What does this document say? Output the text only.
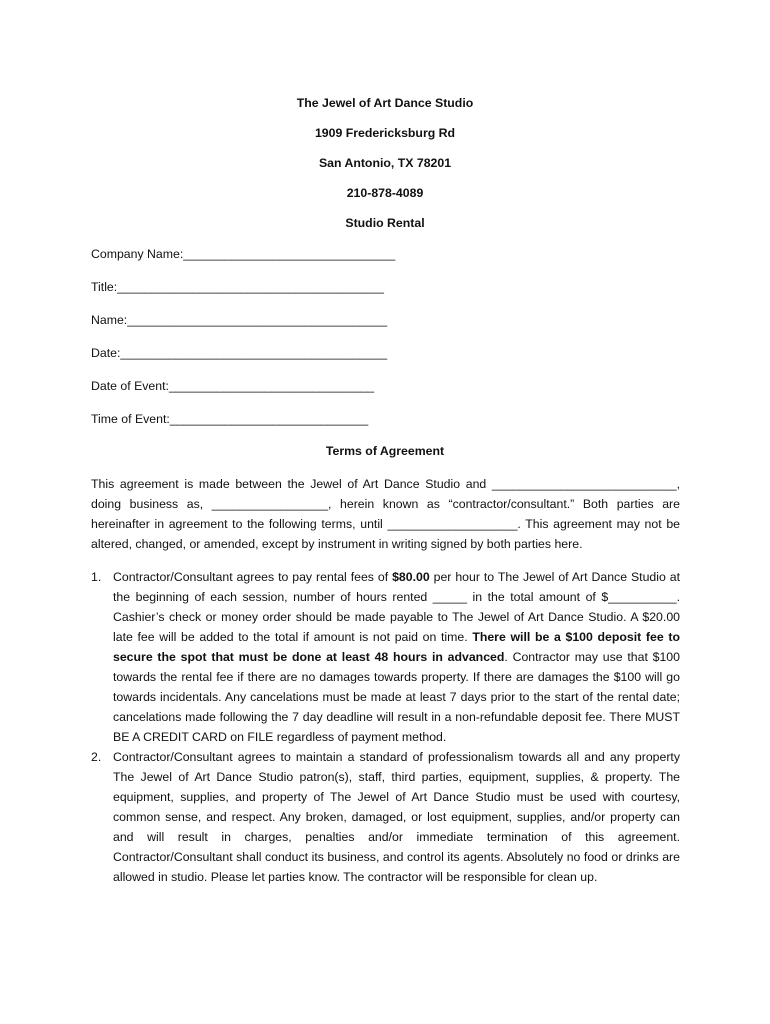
The Jewel of Art Dance Studio
1909 Fredericksburg Rd
San Antonio, TX 78201
210-878-4089
Studio Rental
Company Name:_______________________________
Title:_______________________________________
Name:______________________________________
Date:_______________________________________
Date of Event:______________________________
Time of Event:_____________________________
Terms of Agreement

This agreement is made between the Jewel of Art Dance Studio and ___________________________, doing business as, _________________, herein known as “contractor/consultant.” Both parties are hereinafter in agreement to the following terms, until ___________________. This agreement may not be altered, changed, or amended, except by instrument in writing signed by both parties here.

1. Contractor/Consultant agrees to pay rental fees of $80.00 per hour to The Jewel of Art Dance Studio at the beginning of each session, number of hours rented _____ in the total amount of $__________. Cashier’s check or money order should be made payable to The Jewel of Art Dance Studio. A $20.00 late fee will be added to the total if amount is not paid on time. There will be a $100 deposit fee to secure the spot that must be done at least 48 hours in advanced. Contractor may use that $100 towards the rental fee if there are no damages towards property. If there are damages the $100 will go towards incidentals. Any cancelations must be made at least 7 days prior to the start of the rental date; cancelations made following the 7 day deadline will result in a non-refundable deposit fee. There MUST BE A CREDIT CARD on FILE regardless of payment method.

2. Contractor/Consultant agrees to maintain a standard of professionalism towards all and any property The Jewel of Art Dance Studio patron(s), staff, third parties, equipment, supplies, & property. The equipment, supplies, and property of The Jewel of Art Dance Studio must be used with courtesy, common sense, and respect. Any broken, damaged, or lost equipment, supplies, and/or property can and will result in charges, penalties and/or immediate termination of this agreement. Contractor/Consultant shall conduct its business, and control its agents. Absolutely no food or drinks are allowed in studio. Please let parties know. The contractor will be responsible for clean up.
